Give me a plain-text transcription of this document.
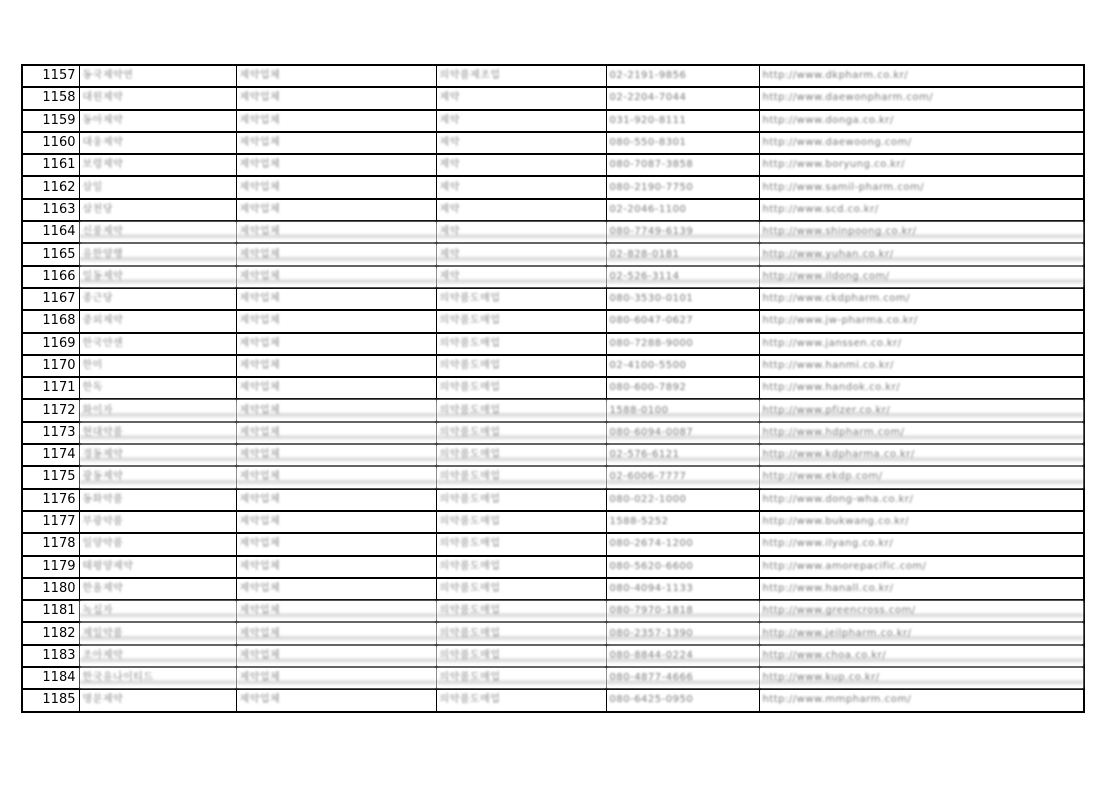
1157	동국제약연	제약업체	의약품제조업	02-2191-9856	http://www.dkpharm.co.kr/
1158	대원제약	제약업체	제약	02-2204-7044	http://www.daewonpharm.com/
1159	동아제약	제약업체	제약	031-920-8111	http://www.donga.co.kr/
1160	대웅제약	제약업체	제약	080-550-8301	http://www.daewoong.com/
1161	보령제약	제약업체	제약	080-7087-3858	http://www.boryung.co.kr/
1162	삼일	제약업체	제약	080-2190-7750	http://www.samil-pharm.com/
1163	삼천당	제약업체	제약	02-2046-1100	http://www.scd.co.kr/
1164	신풍제약	제약업체	제약	080-7749-6139	http://www.shinpoong.co.kr/
1165	유한양행	제약업체	제약	02-828-0181	http://www.yuhan.co.kr/
1166	일동제약	제약업체	제약	02-526-3114	http://www.ildong.com/
1167	종근당	제약업체	의약품도매업	080-3530-0101	http://www.ckdpharm.com/
1168	중외제약	제약업체	의약품도매업	080-6047-0627	http://www.jw-pharma.co.kr/
1169	한국얀센	제약업체	의약품도매업	080-7288-9000	http://www.janssen.co.kr/
1170	한미	제약업체	의약품도매업	02-4100-5500	http://www.hanmi.co.kr/
1171	한독	제약업체	의약품도매업	080-600-7892	http://www.handok.co.kr/
1172	화이자	제약업체	의약품도매업	1588-0100	http://www.pfizer.co.kr/
1173	현대약품	제약업체	의약품도매업	080-6094-0087	http://www.hdpharm.com/
1174	경동제약	제약업체	의약품도매업	02-576-6121	http://www.kdpharma.co.kr/
1175	광동제약	제약업체	의약품도매업	02-6006-7777	http://www.ekdp.com/
1176	동화약품	제약업체	의약품도매업	080-022-1000	http://www.dong-wha.co.kr/
1177	부광약품	제약업체	의약품도매업	1588-5252	http://www.bukwang.co.kr/
1178	일양약품	제약업체	의약품도매업	080-2674-1200	http://www.ilyang.co.kr/
1179	태평양제약	제약업체	의약품도매업	080-5620-6600	http://www.amorepacific.com/
1180	한올제약	제약업체	의약품도매업	080-4094-1133	http://www.hanall.co.kr/
1181	녹십자	제약업체	의약품도매업	080-7970-1818	http://www.greencross.com/
1182	제일약품	제약업체	의약품도매업	080-2357-1390	http://www.jeilpharm.co.kr/
1183	조아제약	제약업체	의약품도매업	080-8844-0224	http://www.choa.co.kr/
1184	한국유나이티드	제약업체	의약품도매업	080-4877-4666	http://www.kup.co.kr/
1185	명문제약	제약업체	의약품도매업	080-6425-0950	http://www.mmpharm.com/
